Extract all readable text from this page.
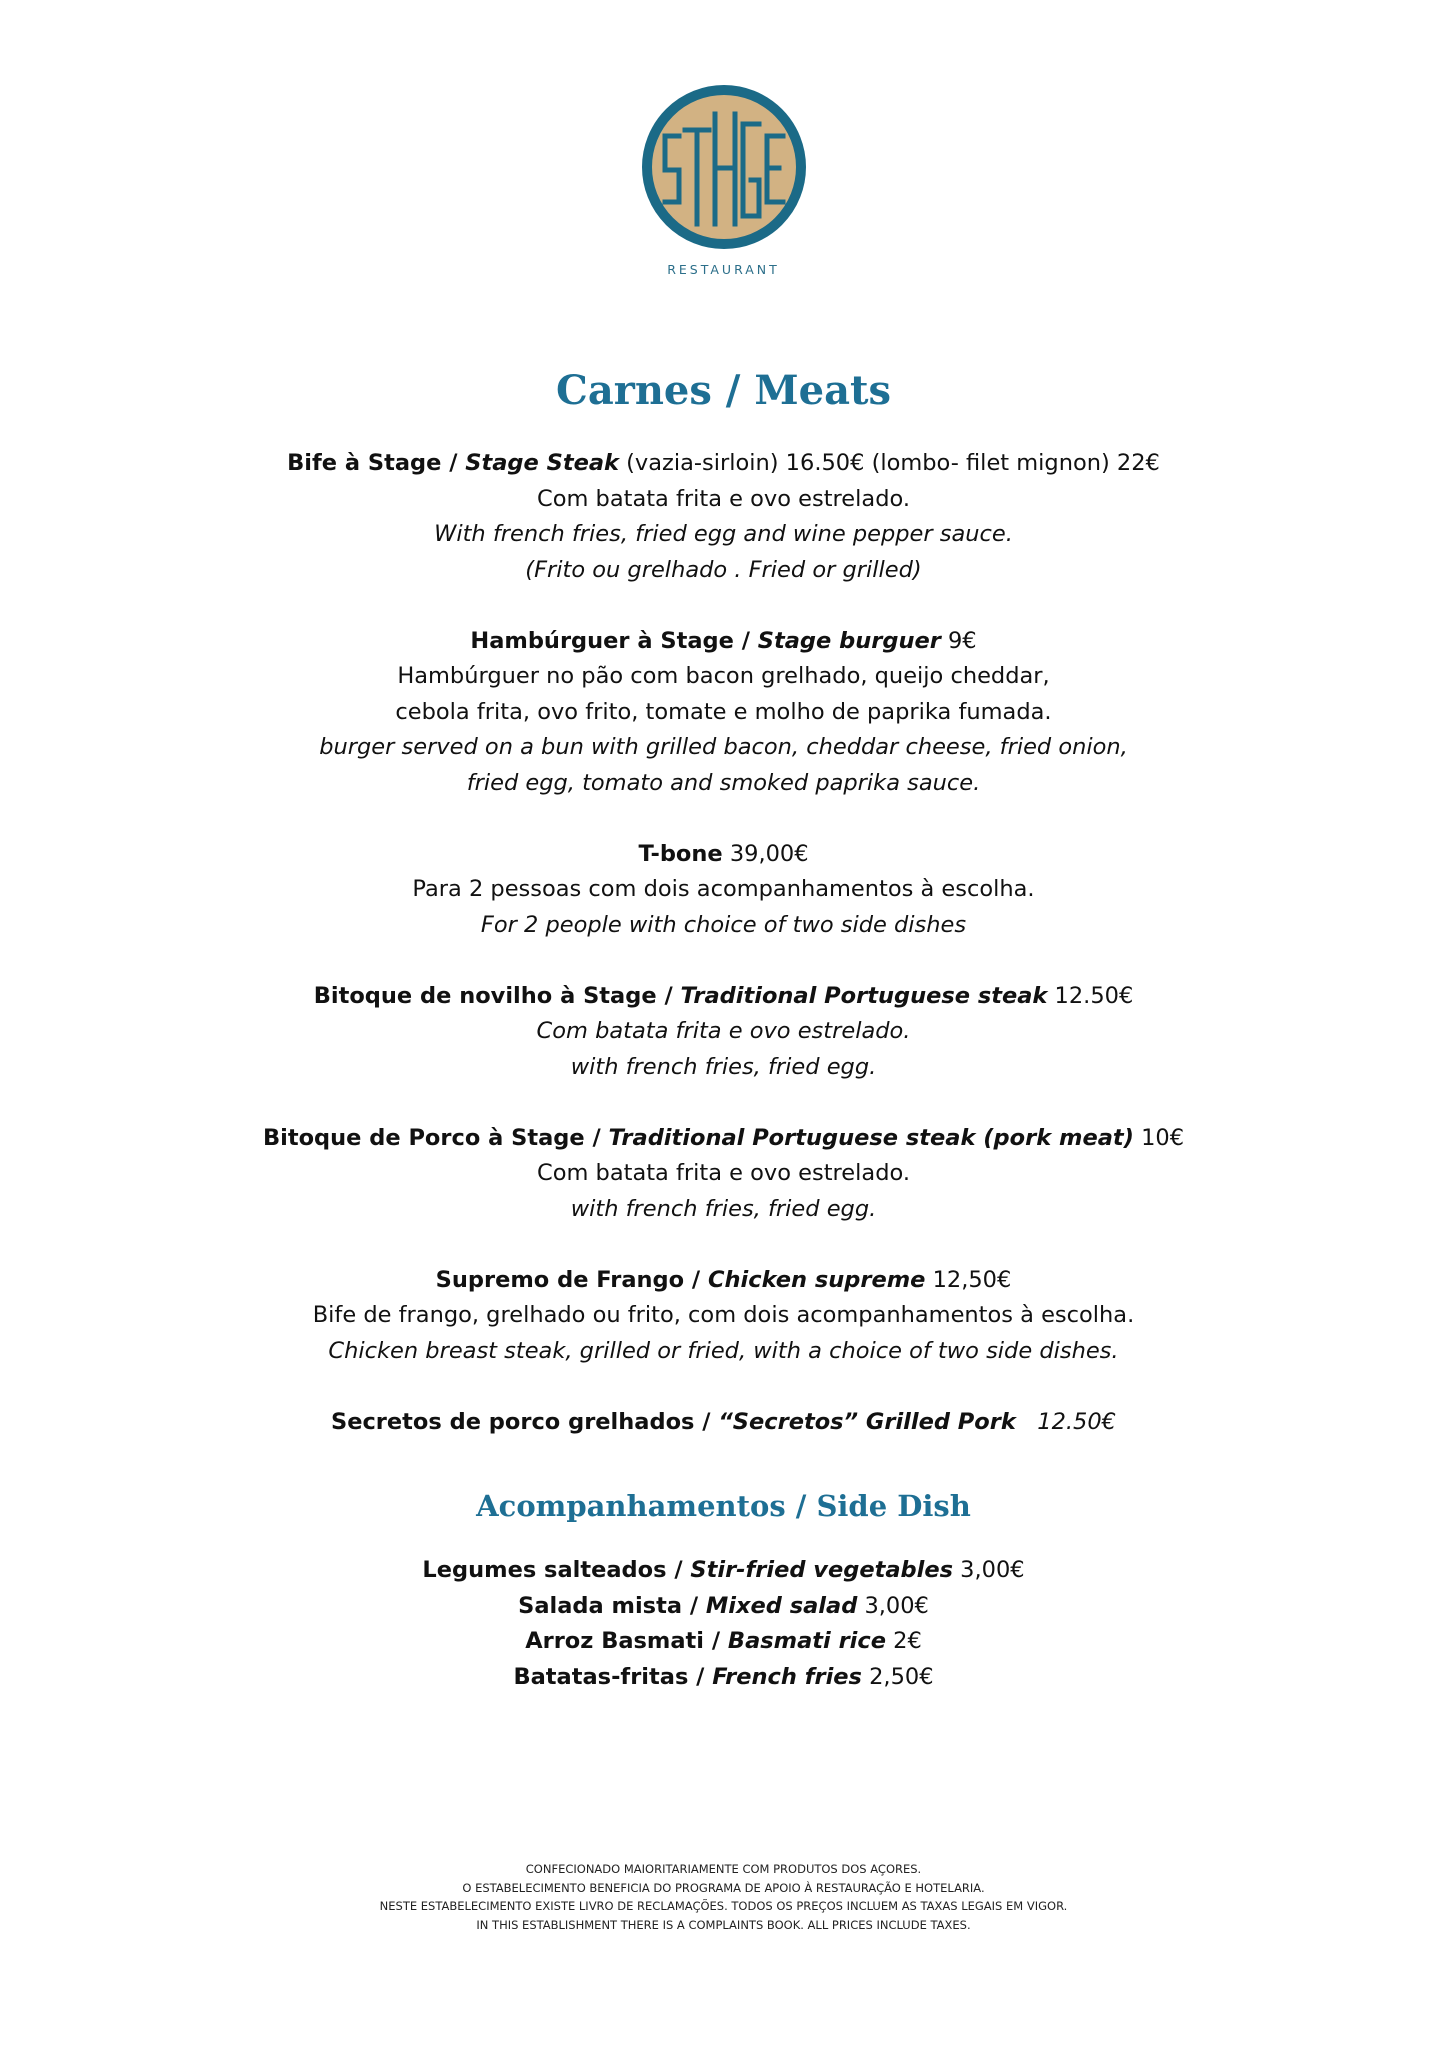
RESTAURANT
Carnes / Meats
Bife à Stage / Stage Steak (vazia-sirloin) 16.50€ (lombo- filet mignon) 22€
Com batata frita e ovo estrelado.
With french fries, fried egg and wine pepper sauce.
(Frito ou grelhado . Fried or grilled)
Hambúrguer à Stage / Stage burguer 9€
Hambúrguer no pão com bacon grelhado, queijo cheddar,
cebola frita, ovo frito, tomate e molho de paprika fumada.
burger served on a bun with grilled bacon, cheddar cheese, fried onion,
fried egg, tomato and smoked paprika sauce.
T-bone 39,00€
Para 2 pessoas com dois acompanhamentos à escolha.
For 2 people with choice of two side dishes
Bitoque de novilho à Stage / Traditional Portuguese steak 12.50€
Com batata frita e ovo estrelado.
with french fries, fried egg.
Bitoque de Porco à Stage / Traditional Portuguese steak (pork meat) 10€
Com batata frita e ovo estrelado.
with french fries, fried egg.
Supremo de Frango / Chicken supreme 12,50€
Bife de frango, grelhado ou frito, com dois acompanhamentos à escolha.
Chicken breast steak, grilled or fried, with a choice of two side dishes.
Secretos de porco grelhados / “Secretos” Grilled Pork   12.50€
Acompanhamentos / Side Dish
Legumes salteados / Stir-fried vegetables 3,00€
Salada mista / Mixed salad 3,00€
Arroz Basmati / Basmati rice 2€
Batatas-fritas / French fries 2,50€
CONFECIONADO MAIORITARIAMENTE COM PRODUTOS DOS AÇORES.
O ESTABELECIMENTO BENEFICIA DO PROGRAMA DE APOIO À RESTAURAÇÃO E HOTELARIA.
NESTE ESTABELECIMENTO EXISTE LIVRO DE RECLAMAÇÕES. TODOS OS PREÇOS INCLUEM AS TAXAS LEGAIS EM VIGOR.
IN THIS ESTABLISHMENT THERE IS A COMPLAINTS BOOK. ALL PRICES INCLUDE TAXES.
